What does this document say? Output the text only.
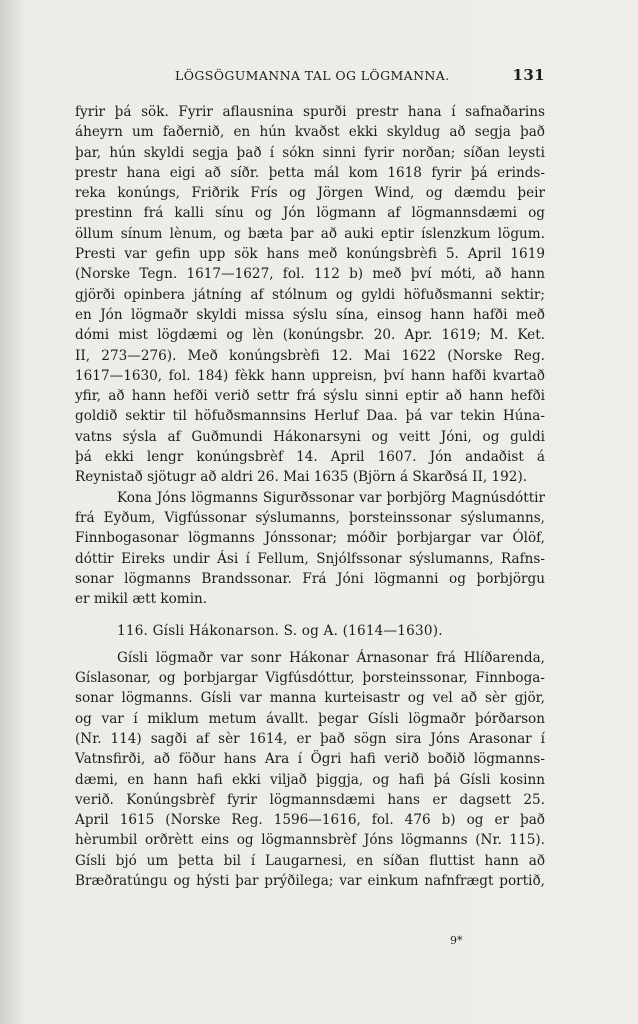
LÖGSÖGUMANNA TAL OG LÖGMANNA.	131
fyrir þá sök. Fyrir aflausnina spurði prestr hana í safnaðarins
áheyrn um faðernið, en hún kvaðst ekki skyldug að segja það
þar, hún skyldi segja það í sókn sinni fyrir norðan; síðan leysti
prestr hana eigi að síðr. þetta mál kom 1618 fyrir þá erinds-
reka konúngs, Friðrik Frís og Jörgen Wind, og dæmdu þeir
prestinn frá kalli sínu og Jón lögmann af lögmannsdæmi og
öllum sínum lènum, og bæta þar að auki eptir íslenzkum lögum.
Presti var gefin upp sök hans með konúngsbrèfi 5. April 1619
(Norske Tegn. 1617—1627, fol. 112 b) með því móti, að hann
gjörði opinbera játníng af stólnum og gyldi höfuðsmanni sektir;
en Jón lögmaðr skyldi missa sýslu sína, einsog hann hafði með
dómi mist lögdæmi og lèn (konúngsbr. 20. Apr. 1619; M. Ket.
II, 273—276). Með konúngsbrèfi 12. Mai 1622 (Norske Reg.
1617—1630, fol. 184) fèkk hann uppreisn, því hann hafði kvartað
yfir, að hann hefði verið settr frá sýslu sinni eptir að hann hefði
goldið sektir til höfuðsmannsins Herluf Daa. þá var tekin Húna-
vatns sýsla af Guðmundi Hákonarsyni og veitt Jóni, og guldi
þá ekki lengr konúngsbrèf 14. April 1607. Jón andaðist á
Reynistað sjötugr að aldri 26. Mai 1635 (Björn á Skarðsá II, 192).
Kona Jóns lögmanns Sigurðssonar var þorbjörg Magnúsdóttir
frá Eyðum, Vigfússonar sýslumanns, þorsteinssonar sýslumanns,
Finnbogasonar lögmanns Jónssonar; móðir þorbjargar var Ólöf,
dóttir Eireks undir Ási í Fellum, Snjólfssonar sýslumanns, Rafns-
sonar lögmanns Brandssonar. Frá Jóni lögmanni og þorbjörgu
er mikil ætt komin.
116. Gísli Hákonarson. S. og A. (1614—1630).
Gísli lögmaðr var sonr Hákonar Árnasonar frá Hlíðarenda,
Gíslasonar, og þorbjargar Vigfúsdóttur, þorsteinssonar, Finnboga-
sonar lögmanns. Gísli var manna kurteisastr og vel að sèr gjör,
og var í miklum metum ávallt. þegar Gísli lögmaðr þórðarson
(Nr. 114) sagði af sèr 1614, er það sögn sira Jóns Arasonar í
Vatnsfirði, að föður hans Ara í Ögri hafi verið boðið lögmanns-
dæmi, en hann hafi ekki viljað þiggja, og hafi þá Gísli kosinn
verið. Konúngsbrèf fyrir lögmannsdæmi hans er dagsett 25.
April 1615 (Norske Reg. 1596—1616, fol. 476 b) og er það
hèrumbil orðrètt eins og lögmannsbrèf Jóns lögmanns (Nr. 115).
Gísli bjó um þetta bil í Laugarnesi, en síðan fluttist hann að
Bræðratúngu og hýsti þar prýðilega; var einkum nafnfrægt portið,
9*
